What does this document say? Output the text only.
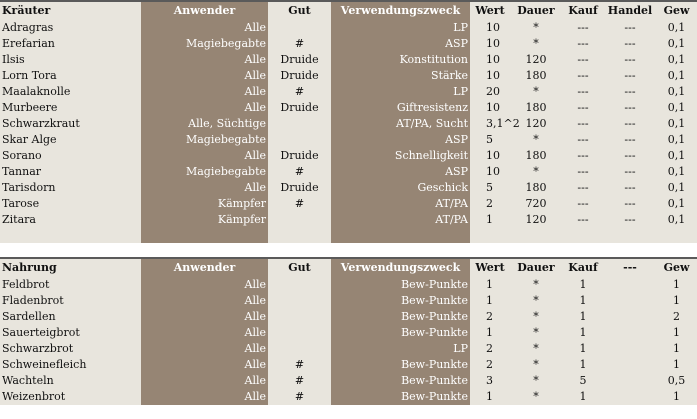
Kräuter	Anwender	Gut	Verwendungszweck	Wert	Dauer	Kauf	Handel	Gew
Adragras	Alle		LP	10	*	---	---	0,1
Erefarian	Magiebegabte	#	ASP	10	*	---	---	0,1
Ilsis	Alle	Druide	Konstitution	10	120	---	---	0,1
Lorn Tora	Alle	Druide	Stärke	10	180	---	---	0,1
Maalaknolle	Alle	#	LP	20	*	---	---	0,1
Murbeere	Alle	Druide	Giftresistenz	10	180	---	---	0,1
Schwarzkraut	Alle, Süchtige		AT/PA, Sucht	3,1^2	120	---	---	0,1
Skar Alge	Magiebegabte		ASP	5	*	---	---	0,1
Sorano	Alle	Druide	Schnelligkeit	10	180	---	---	0,1
Tannar	Magiebegabte	#	ASP	10	*	---	---	0,1
Tarisdorn	Alle	Druide	Geschick	5	180	---	---	0,1
Tarose	Kämpfer	#	AT/PA	2	720	---	---	0,1
Zitara	Kämpfer		AT/PA	1	120	---	---	0,1

Nahrung	Anwender	Gut	Verwendungszweck	Wert	Dauer	Kauf	---	Gew
Feldbrot	Alle		Bew-Punkte	1	*	1		1
Fladenbrot	Alle		Bew-Punkte	1	*	1		1
Sardellen	Alle		Bew-Punkte	2	*	1		2
Sauerteigbrot	Alle		Bew-Punkte	1	*	1		1
Schwarzbrot	Alle		LP	2	*	1		1
Schweinefleich	Alle	#	Bew-Punkte	2	*	1		1
Wachteln	Alle	#	Bew-Punkte	3	*	5		0,5
Weizenbrot	Alle	#	Bew-Punkte	1	*	1		1
